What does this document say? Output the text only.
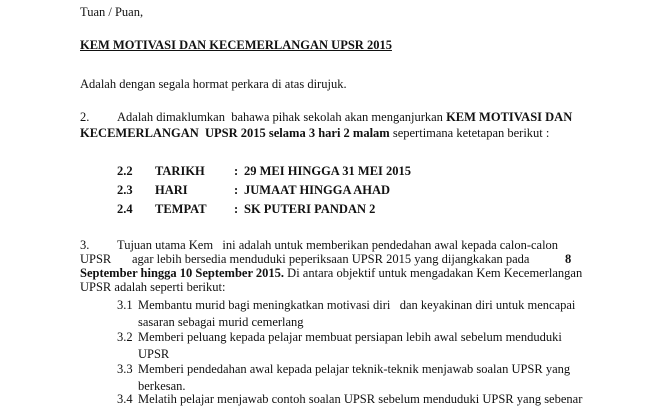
Tuan / Puan,
KEM MOTIVASI DAN KECEMERLANGAN UPSR 2015
Adalah dengan segala hormat perkara di atas dirujuk.
2. Adalah dimaklumkan  bahawa pihak sekolah akan menganjurkan KEM MOTIVASI DAN
KECEMERLANGAN  UPSR 2015 selama 3 hari 2 malam sepertimana ketetapan berikut :
2.2 TARIKH : 29 MEI HINGGA 31 MEI 2015
2.3 HARI	: JUMAAT HINGGA AHAD
2.4 TEMPAT : SK PUTERI PANDAN 2
3. Tujuan utama Kem   ini adalah untuk memberikan pendedahan awal kepada calon-calon
UPSR agar lebih bersedia menduduki peperiksaan UPSR 2015 yang dijangkakan pada	8
September hingga 10 September 2015. Di antara objektif untuk mengadakan Kem Kecemerlangan
UPSR adalah seperti berikut:
3.1 Membantu murid bagi meningkatkan motivasi diri   dan keyakinan diri untuk mencapai
sasaran sebagai murid cemerlang
3.2 Memberi peluang kepada pelajar membuat persiapan lebih awal sebelum menduduki
UPSR
3.3 Memberi pendedahan awal kepada pelajar teknik-teknik menjawab soalan UPSR yang
berkesan.
3.4 Melatih pelajar menjawab contoh soalan UPSR sebelum menduduki UPSR yang sebenar
